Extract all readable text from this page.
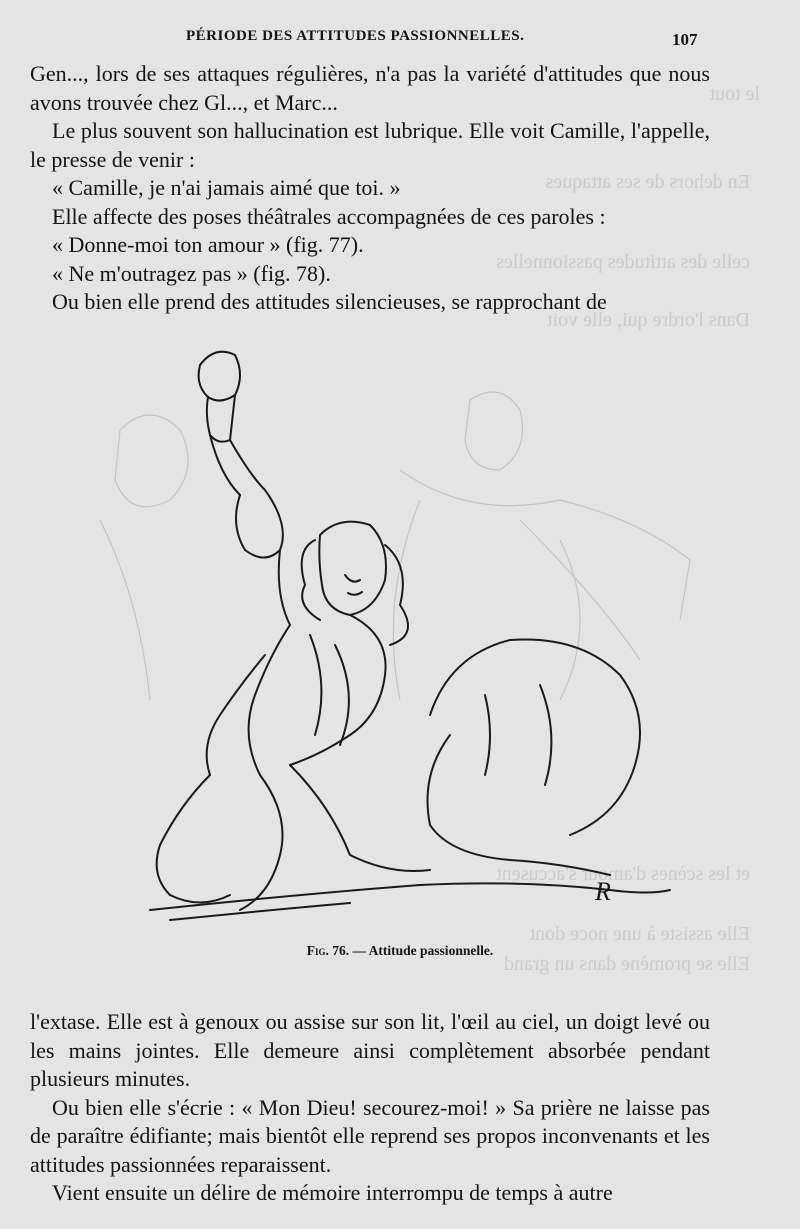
le tout
En dehors de ses attaques
celle des attitudes passionnelles
Dans l'ordre qui, elle voit
et les scènes d'amour s'accusent
Elle assiste à une noce dont
Elle se promène dans un grand
PÉRIODE DES ATTITUDES PASSIONNELLES.	107

Gen..., lors de ses attaques régulières, n'a pas la variété d'attitudes que nous avons trouvée chez Gl..., et Marc...

Le plus souvent son hallucination est lubrique. Elle voit Camille, l'appelle, le presse de venir :

« Camille, je n'ai jamais aimé que toi. »

Elle affecte des poses théâtrales accompagnées de ces paroles :

« Donne-moi ton amour » (fig. 77).

« Ne m'outragez pas » (fig. 78).

Ou bien elle prend des attitudes silencieuses, se rapprochant de

R
Fig. 76. — Attitude passionnelle.

l'extase. Elle est à genoux ou assise sur son lit, l'œil au ciel, un doigt levé ou les mains jointes. Elle demeure ainsi complètement absorbée pendant plusieurs minutes.

Ou bien elle s'écrie : « Mon Dieu! secourez-moi! » Sa prière ne laisse pas de paraître édifiante; mais bientôt elle reprend ses propos inconvenants et les attitudes passionnées reparaissent.

Vient ensuite un délire de mémoire interrompu de temps à autre
